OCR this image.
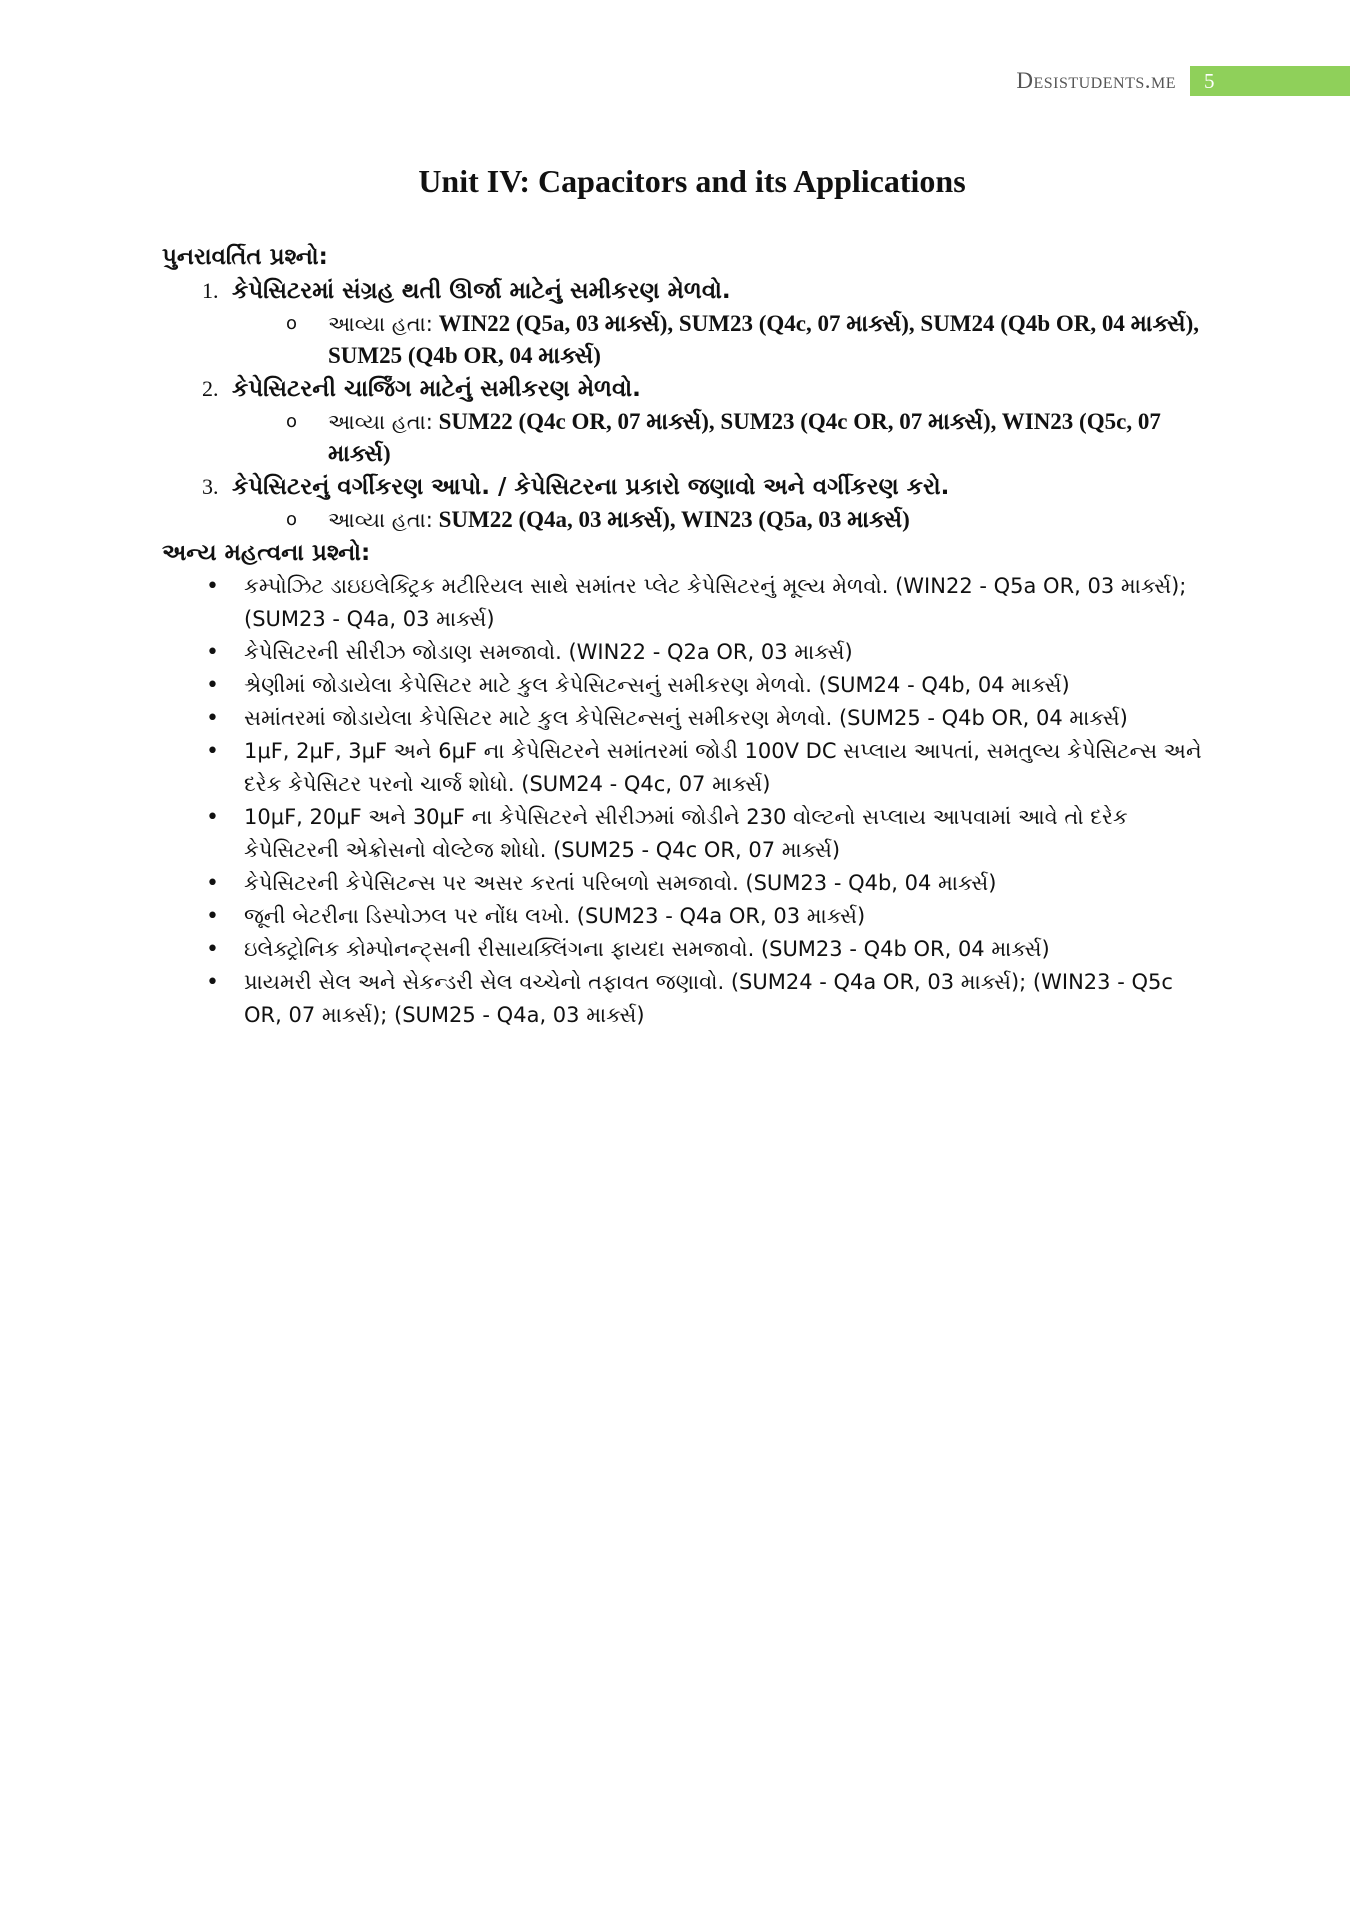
Desistudents.me	5
Unit IV: Capacitors and its Applications

પુનરાવર્તિત પ્રશ્નો:

1. કેપેસિટરમાં સંગ્રહ થતી ઊર્જા માટેનું સમીકરણ મેળવો.
o આવ્યા હતા: WIN22 (Q5a, 03 માર્ક્સ), SUM23 (Q4c, 07 માર્ક્સ), SUM24 (Q4b OR, 04 માર્ક્સ), SUM25 (Q4b OR, 04 માર્ક્સ)
2. કેપેસિટરની ચાર્જિંગ માટેનું સમીકરણ મેળવો.
o આવ્યા હતા: SUM22 (Q4c OR, 07 માર્ક્સ), SUM23 (Q4c OR, 07 માર્ક્સ), WIN23 (Q5c, 07 માર્ક્સ)
3. કેપેસિટરનું વર્ગીકરણ આપો. / કેપેસિટરના પ્રકારો જણાવો અને વર્ગીકરણ કરો.
o આવ્યા હતા: SUM22 (Q4a, 03 માર્ક્સ), WIN23 (Q5a, 03 માર્ક્સ)

અન્ય મહત્વના પ્રશ્નો:

• કમ્પોઝિટ ડાઇઇલેક્ટ્રિક મટીરિયલ સાથે સમાંતર પ્લેટ કેપેસિટરનું મૂલ્ય મેળવો. (WIN22 - Q5a OR, 03 માર્ક્સ); (SUM23 - Q4a, 03 માર્ક્સ)
• કેપેસિટરની સીરીઝ જોડાણ સમજાવો. (WIN22 - Q2a OR, 03 માર્ક્સ)
• શ્રેણીમાં જોડાયેલા કેપેસિટર માટે કુલ કેપેસિટન્સનું સમીકરણ મેળવો. (SUM24 - Q4b, 04 માર્ક્સ)
• સમાંતરમાં જોડાયેલા કેપેસિટર માટે કુલ કેપેસિટન્સનું સમીકરણ મેળવો. (SUM25 - Q4b OR, 04 માર્ક્સ)
• 1μF, 2μF, 3μF અને 6μF ના કેપેસિટરને સમાંતરમાં જોડી 100V DC સપ્લાય આપતાં, સમતુલ્ય કેપેસિટન્સ અને દરેક કેપેસિટર પરનો ચાર્જ શોધો. (SUM24 - Q4c, 07 માર્ક્સ)
• 10μF, 20μF અને 30μF ના કેપેસિટરને સીરીઝમાં જોડીને 230 વોલ્ટનો સપ્લાય આપવામાં આવે તો દરેક કેપેસિટરની એક્રોસનો વોલ્ટેજ શોધો. (SUM25 - Q4c OR, 07 માર્ક્સ)
• કેપેસિટરની કેપેસિટન્સ પર અસર કરતાં પરિબળો સમજાવો. (SUM23 - Q4b, 04 માર્ક્સ)
• જૂની બેટરીના ડિસ્પોઝલ પર નોંધ લખો. (SUM23 - Q4a OR, 03 માર્ક્સ)
• ઇલેક્ટ્રોનિક કોમ્પોનન્ટ્સની રીસાયક્લિંગના ફાયદા સમજાવો. (SUM23 - Q4b OR, 04 માર્ક્સ)
• પ્રાયમરી સેલ અને સેકન્ડરી સેલ વચ્ચેનો તફાવત જણાવો. (SUM24 - Q4a OR, 03 માર્ક્સ); (WIN23 - Q5c OR, 07 માર્ક્સ); (SUM25 - Q4a, 03 માર્ક્સ)
